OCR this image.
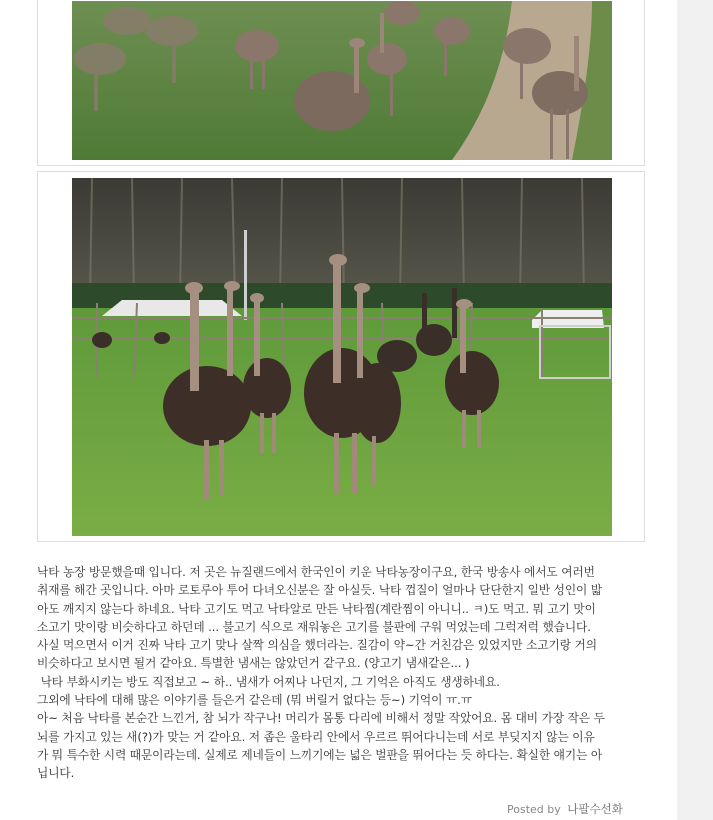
낙타 농장 방문했을때 입니다. 저 곳은 뉴질랜드에서 한국인이 키운 낙타농장이구요, 한국 방송사 에서도 여러번

취재를 해간 곳입니다. 아마 로토루아 투어 다녀오신분은 잘 아실듯. 낙타 껍질이 얼마나 단단한지 일반 성인이 밟

아도 깨지지 않는다 하네요. 낙타 고기도 먹고 낙타알로 만든 낙타찜(계란찜이 아니니.. ㅋ)도 먹고. 뭐 고기 맛이

소고기 맛이랑 비슷하다고 하던데 ... 불고기 식으로 재워놓은 고기를 불판에 구워 먹었는데 그럭저럭 했습니다.

사실 먹으면서 이거 진짜 낙타 고기 맞나 살짝 의심을 했더라는. 질감이 약~간 거친감은 있었지만 소고기랑 거의

비슷하다고 보시면 될거 같아요. 특별한 냄새는 않았던거 같구요. (양고기 냄새같은... )

낙타 부화시키는 방도 직접보고 ~ 하.. 냄새가 어찌나 나던지, 그 기억은 아직도 생생하네요.

그외에 낙타에 대해 많은 이야기를 들은거 같은데 (뭐 버릴거 없다는 등~) 기억이 ㅠ.ㅠ

아~ 처음 낙타를 본순간 느낀거, 참 뇌가 작구나! 머리가 몸통 다리에 비해서 정말 작았어요. 몸 대비 가장 작은 두

뇌를 가지고 있는 새(?)가 맞는 거 같아요. 저 좁은 울타리 안에서 우르르 뛰어다니는데 서로 부딪지지 않는 이유

가 뭐 특수한 시력 때문이라는데. 실제로 제네들이 느끼기에는 넓은 벌판을 뛰어다는 듯 하다는. 확실한 얘기는 아

닙니다.

Posted by 나팔수선화
